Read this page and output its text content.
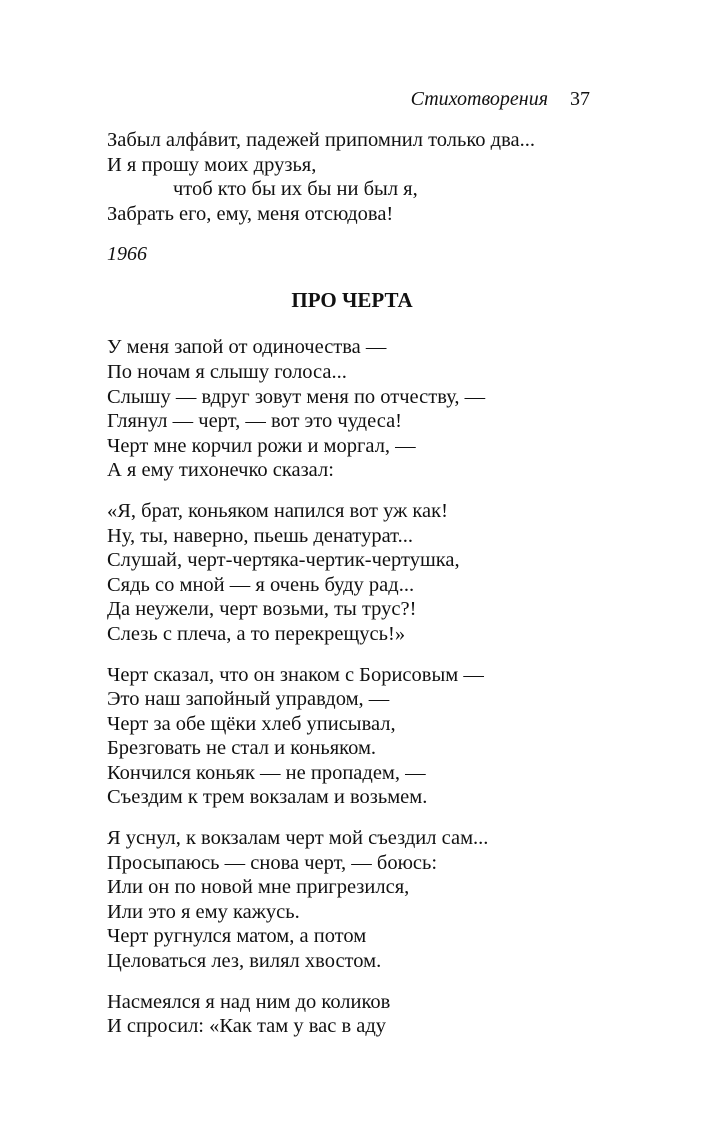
Стихотворения 37
Забыл алфáвит, падежей припомнил только два...
И я прошу моих друзья,
чтоб кто бы их бы ни был я,
Забрать его, ему, меня отсюдова!
1966
ПРО ЧЕРТА
У меня запой от одиночества —
По ночам я слышу голоса...
Слышу — вдруг зовут меня по отчеству, —
Глянул — черт, — вот это чудеса!
Черт мне корчил рожи и моргал, —
А я ему тихонечко сказал:
«Я, брат, коньяком напился вот уж как!
Ну, ты, наверно, пьешь денатурат...
Слушай, черт-чертяка-чертик-чертушка,
Сядь со мной — я очень буду рад...
Да неужели, черт возьми, ты трус?!
Слезь с плеча, а то перекрещусь!»
Черт сказал, что он знаком с Борисовым —
Это наш запойный управдом, —
Черт за обе щёки хлеб уписывал,
Брезговать не стал и коньяком.
Кончился коньяк — не пропадем, —
Съездим к трем вокзалам и возьмем.
Я уснул, к вокзалам черт мой съездил сам...
Просыпаюсь — снова черт, — боюсь:
Или он по новой мне пригрезился,
Или это я ему кажусь.
Черт ругнулся матом, а потом
Целоваться лез, вилял хвостом.
Насмеялся я над ним до коликов
И спросил: «Как там у вас в аду
